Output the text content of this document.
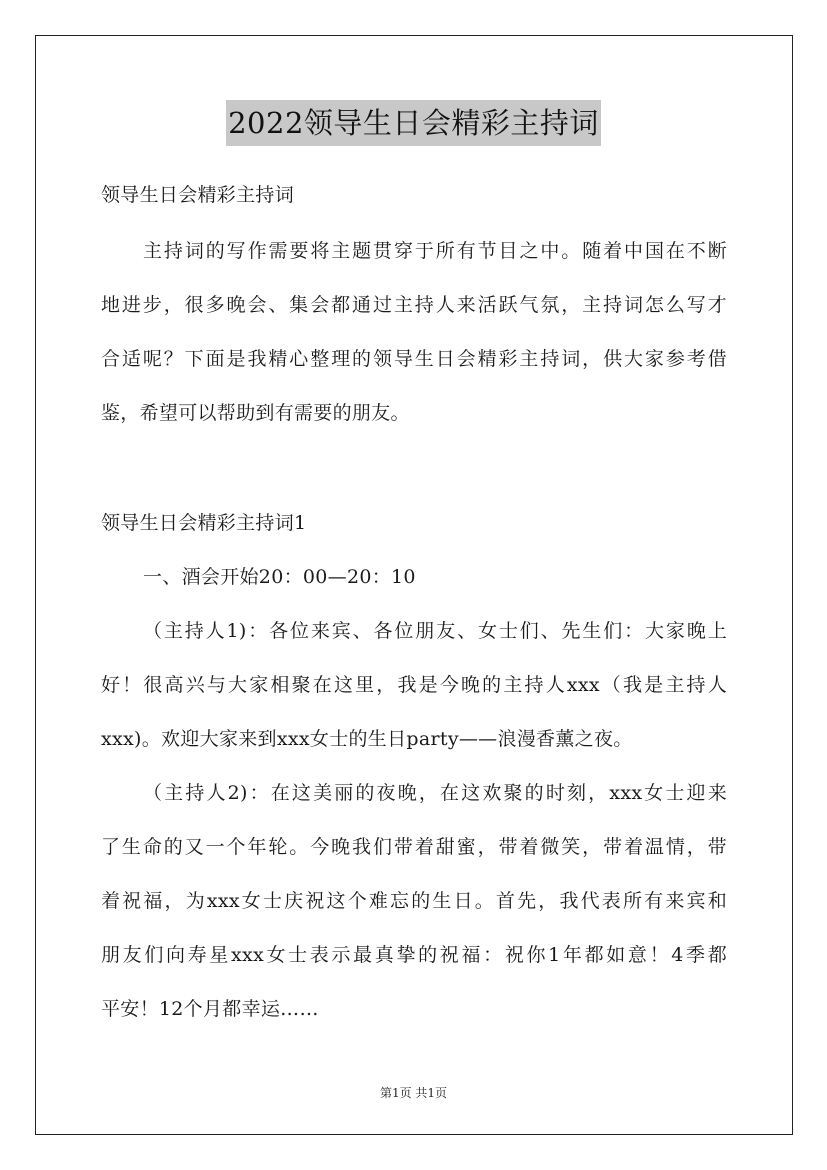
2022领导生日会精彩主持词
领导生日会精彩主持词
主持词的写作需要将主题贯穿于所有节目之中。随着中国在不断
地进步，很多晚会、集会都通过主持人来活跃气氛，主持词怎么写才
合适呢？下面是我精心整理的领导生日会精彩主持词，供大家参考借
鉴，希望可以帮助到有需要的朋友。
领导生日会精彩主持词1
一、酒会开始20：00—20：10
（主持人1)：各位来宾、各位朋友、女士们、先生们：大家晚上
好！很高兴与大家相聚在这里，我是今晚的主持人xxx（我是主持人
xxx)。欢迎大家来到xxx女士的生日party——浪漫香薰之夜。
（主持人2)：在这美丽的夜晚，在这欢聚的时刻，xxx女士迎来
了生命的又一个年轮。今晚我们带着甜蜜，带着微笑，带着温情，带
着祝福，为xxx女士庆祝这个难忘的生日。首先，我代表所有来宾和
朋友们向寿星xxx女士表示最真挚的祝福：祝你1年都如意！4季都
平安！12个月都幸运……
第1页 共1页
